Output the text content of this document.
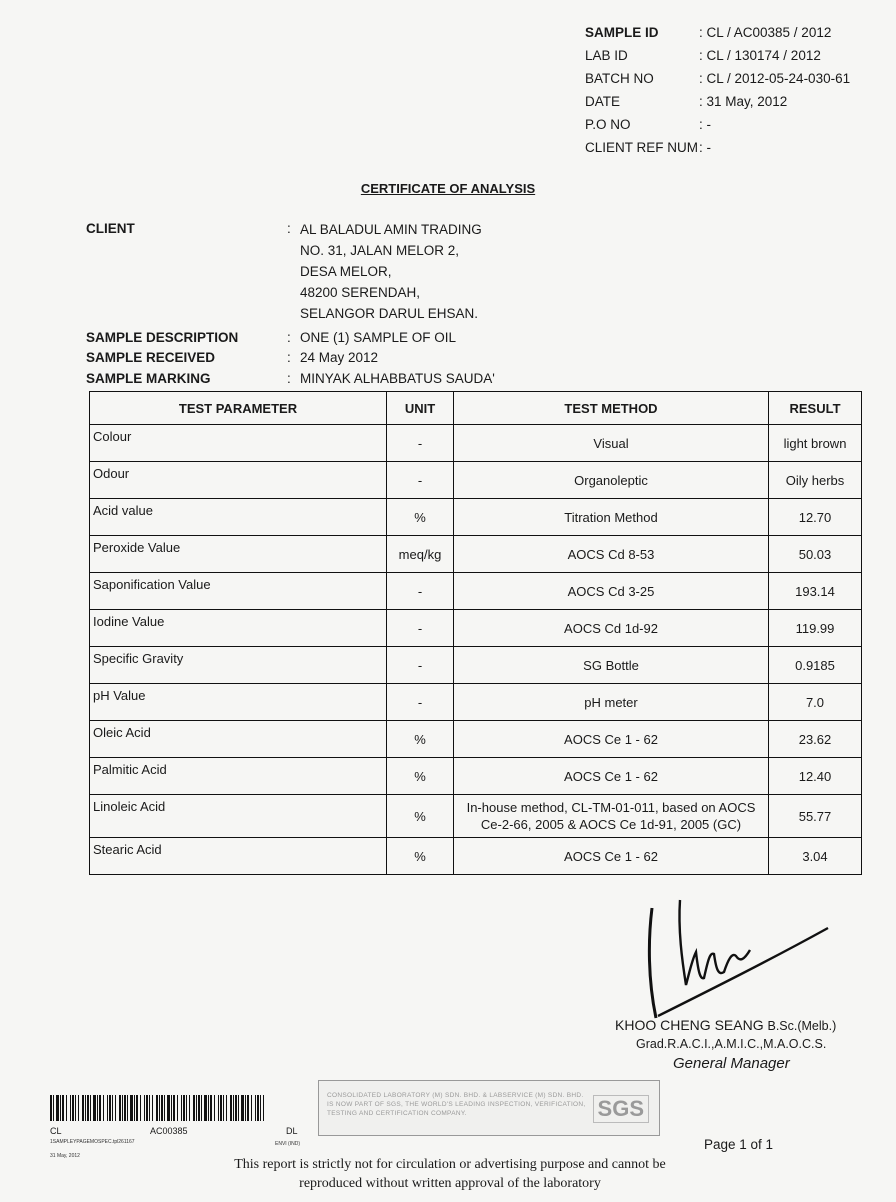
SAMPLE ID	: CL / AC00385 / 2012
LAB ID	: CL / 130174 / 2012
BATCH NO	: CL / 2012-05-24-030-61
DATE	: 31 May, 2012
P.O NO	: -
CLIENT REF NUM : -
CERTIFICATE OF ANALYSIS
CLIENT	: AL BALADUL AMIN TRADING
NO. 31, JALAN MELOR 2,
DESA MELOR,
48200 SERENDAH,
SELANGOR DARUL EHSAN.
SAMPLE DESCRIPTION	: ONE (1) SAMPLE OF OIL
SAMPLE RECEIVED	: 24 May 2012
SAMPLE MARKING	: MINYAK ALHABBATUS SAUDA'
TEST PARAMETER	UNIT	TEST METHOD	RESULT
Colour	-	Visual	light brown
Odour	-	Organoleptic	Oily herbs
Acid value	%	Titration Method	12.70
Peroxide Value	meq/kg	AOCS Cd 8-53	50.03
Saponification Value	-	AOCS Cd 3-25	193.14
Iodine Value	-	AOCS Cd 1d-92	119.99
Specific Gravity	-	SG Bottle	0.9185
pH Value	-	pH meter	7.0
Oleic Acid	%	AOCS Ce 1 - 62	23.62
Palmitic Acid	%	AOCS Ce 1 - 62	12.40
Linoleic Acid	%	In-house method, CL-TM-01-011, based on AOCS
Ce-2-66, 2005 & AOCS Ce 1d-91, 2005 (GC)	55.77
Stearic Acid	%	AOCS Ce 1 - 62	3.04
KHOO CHENG SEANG B.Sc.(Melb.)
Grad.R.A.C.I.,A.M.I.C.,M.A.O.C.S.
General Manager
CL	AC00385	DL
1SAMPLEYPAGEMOSPEC.tpl261167	ENVI (IND)
31 May, 2012
CONSOLIDATED LABORATORY (M) SDN. BHD. & LABSERVICE (M) SDN. BHD. IS NOW PART OF SGS, THE WORLD'S LEADING INSPECTION, VERIFICATION, TESTING AND CERTIFICATION COMPANY.	SGS
Page 1 of 1
This report is strictly not for circulation or advertising purpose and cannot be
reproduced without written approval of the laboratory
